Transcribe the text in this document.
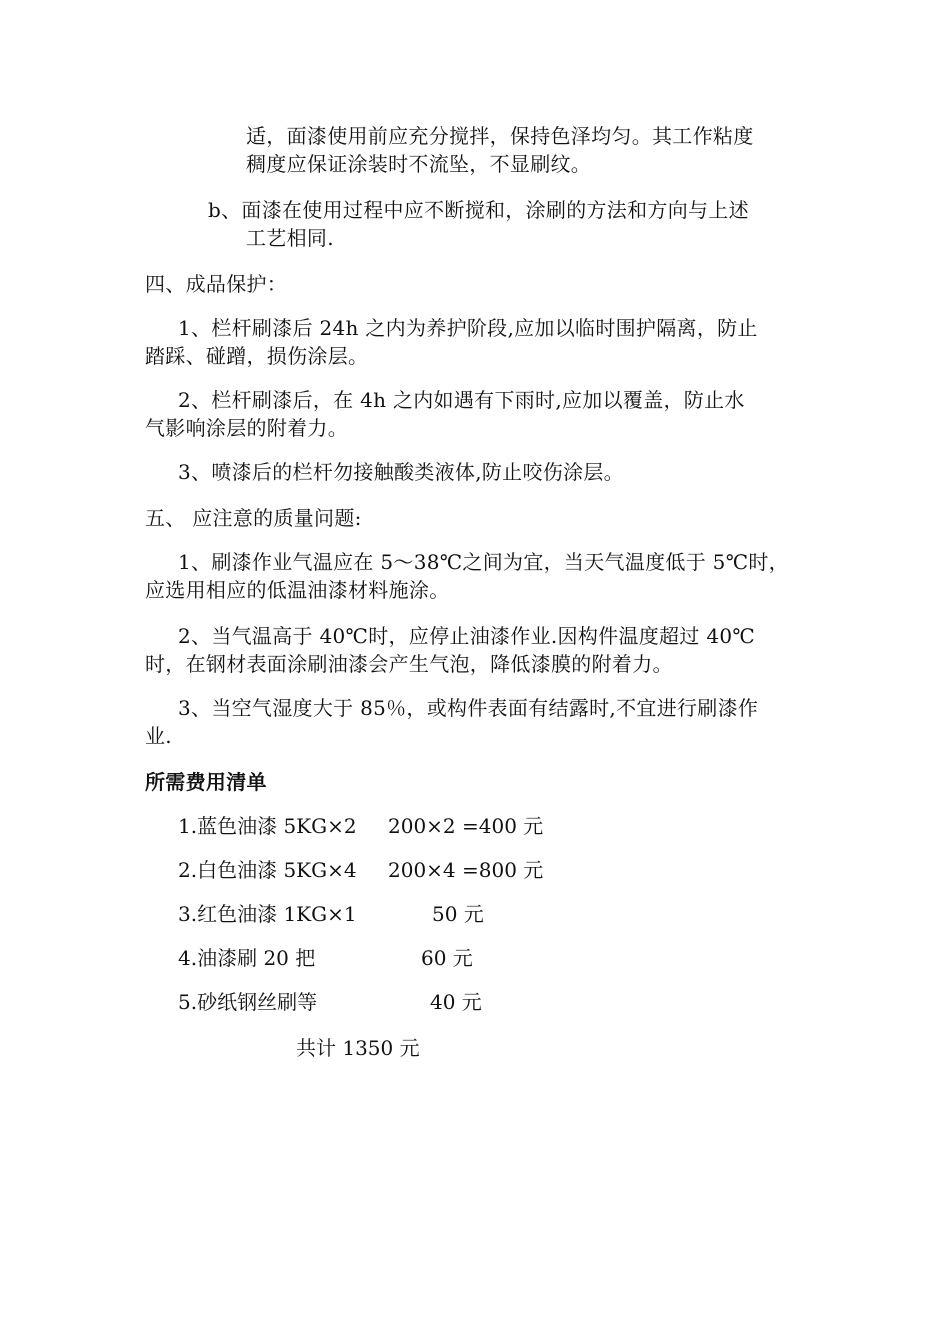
适，面漆使用前应充分搅拌，保持色泽均匀。其工作粘度
稠度应保证涂装时不流坠，不显刷纹。
b、面漆在使用过程中应不断搅和，涂刷的方法和方向与上述
工艺相同.
四、成品保护：
1、栏杆刷漆后 24h 之内为养护阶段,应加以临时围护隔离，防止
踏踩、碰蹭，损伤涂层。
2、栏杆刷漆后，在 4h 之内如遇有下雨时,应加以覆盖，防止水
气影响涂层的附着力。
3、喷漆后的栏杆勿接触酸类液体,防止咬伤涂层。
五、 应注意的质量问题:
1、刷漆作业气温应在 5～38℃之间为宜，当天气温度低于 5℃时，
应选用相应的低温油漆材料施涂。
2、当气温高于 40℃时，应停止油漆作业.因构件温度超过 40℃
时，在钢材表面涂刷油漆会产生气泡，降低漆膜的附着力。
3、当空气湿度大于 85％，或构件表面有结露时,不宜进行刷漆作
业.
所需费用清单
1.蓝色油漆 5KG×2 200×2 =400 元
2.白色油漆 5KG×4 200×4 =800 元
3.红色油漆 1KG×1	50 元
4.油漆刷 20 把	60 元
5.砂纸钢丝刷等	40 元
共计 1350 元
